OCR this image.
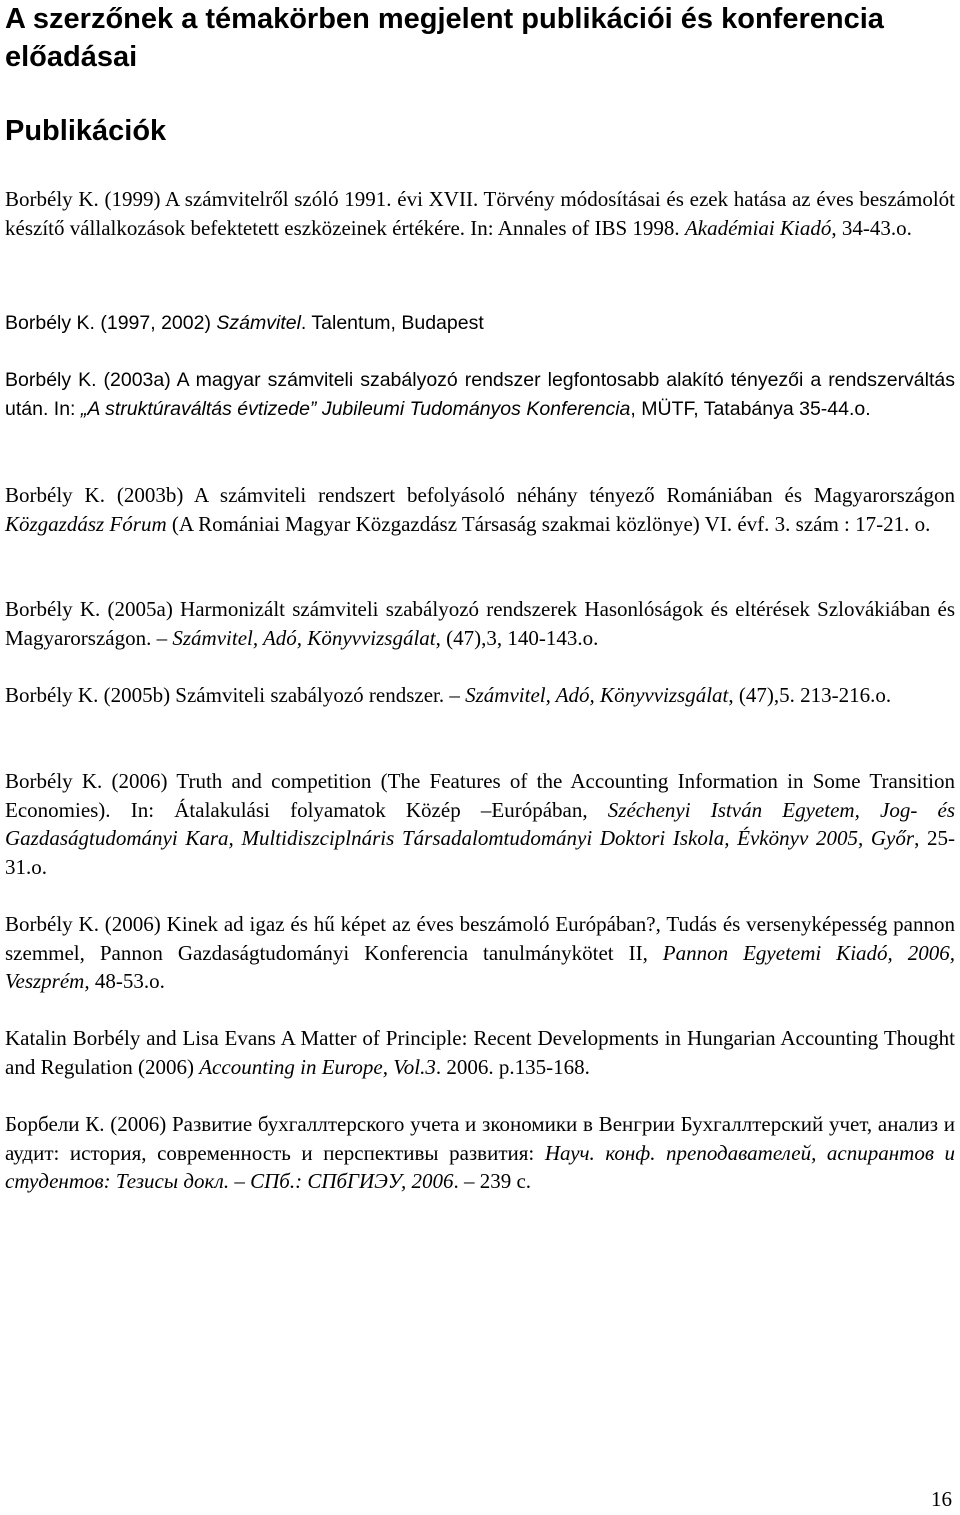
A szerzőnek a témakörben megjelent publikációi és konferencia előadásai
Publikációk

Borbély K. (1999) A számvitelről szóló 1991. évi XVII. Törvény módosításai és ezek hatása az éves beszámolót készítő vállalkozások befektetett eszközeinek értékére. In: Annales of IBS 1998. Akadémiai Kiadó, 34-43.o.

Borbély K. (1997, 2002) Számvitel. Talentum, Budapest

Borbély K. (2003a) A magyar számviteli szabályozó rendszer legfontosabb alakító tényezői a rendszerváltás után. In: „A struktúraváltás évtizede” Jubileumi Tudományos Konferencia, MÜTF, Tatabánya 35-44.o.

Borbély K. (2003b) A számviteli rendszert befolyásoló néhány tényező Romániában és Magyarországon Közgazdász Fórum (A Romániai Magyar Közgazdász Társaság szakmai közlönye) VI. évf. 3. szám : 17-21. o.

Borbély K. (2005a) Harmonizált számviteli szabályozó rendszerek Hasonlóságok és eltérések Szlovákiában és Magyarországon. – Számvitel, Adó, Könyvvizsgálat, (47),3, 140-143.o.

Borbély K. (2005b) Számviteli szabályozó rendszer. – Számvitel, Adó, Könyvvizsgálat, (47),5. 213-216.o.

Borbély K. (2006) Truth and competition (The Features of the Accounting Information in Some Transition Economies). In: Átalakulási folyamatok Közép –Európában, Széchenyi István Egyetem, Jog- és Gazdaságtudományi Kara, Multidiszciplnáris Társadalomtudományi Doktori Iskola, Évkönyv 2005, Győr, 25-31.o.

Borbély K. (2006) Kinek ad igaz és hű képet az éves beszámoló Európában?, Tudás és versenyképesség pannon szemmel, Pannon Gazdaságtudományi Konferencia tanulmánykötet II, Pannon Egyetemi Kiadó, 2006, Veszprém, 48-53.o.

Katalin Borbély and Lisa Evans A Matter of Principle: Recent Developments in Hungarian Accounting Thought and Regulation (2006) Accounting in Europe, Vol.3. 2006. p.135-168.

Борбели К. (2006) Развитие бухгаллтерского учета и зкономики в Венгрии Бухгаллтерский учет, анализ и аудит: история, современность и перспективы развития: Науч. конф. преподавателей, аспирантов и студентов: Тезисы докл. – СПб.: СПбГИЭУ, 2006. – 239 с.

16
